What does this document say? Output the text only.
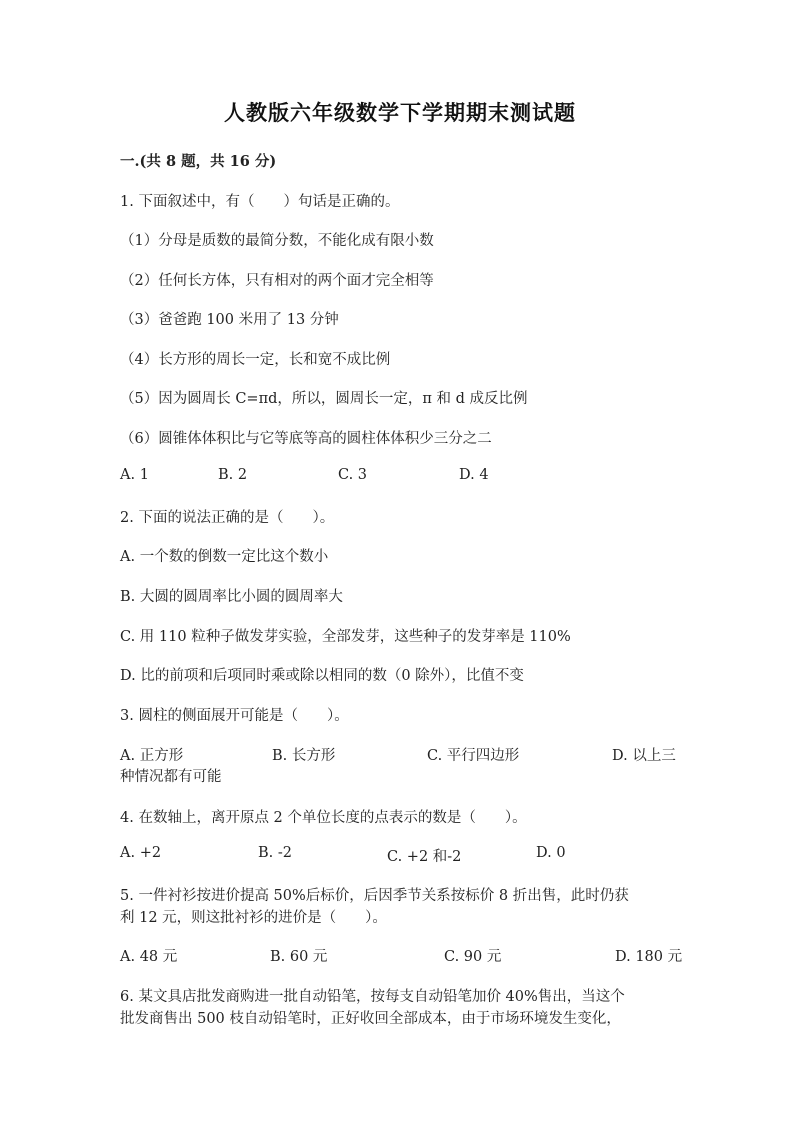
人教版六年级数学下学期期末测试题
一.(共 8 题，共 16 分)
1. 下面叙述中，有（　　）句话是正确的。
（1）分母是质数的最简分数，不能化成有限小数
（2）任何长方体，只有相对的两个面才完全相等
（3）爸爸跑 100 米用了 13 分钟
（4）长方形的周长一定，长和宽不成比例
（5）因为圆周长 C=πd，所以，圆周长一定，π 和 d 成反比例
（6）圆锥体体积比与它等底等高的圆柱体体积少三分之二
A. 1	B. 2	C. 3	D. 4
2. 下面的说法正确的是（　　）。
A. 一个数的倒数一定比这个数小
B. 大圆的圆周率比小圆的圆周率大
C. 用 110 粒种子做发芽实验，全部发芽，这些种子的发芽率是 110%
D. 比的前项和后项同时乘或除以相同的数（0 除外），比值不变
3. 圆柱的侧面展开可能是（　　）。
A. 正方形	B. 长方形	C. 平行四边形	D. 以上三
种情况都有可能
4. 在数轴上，离开原点 2 个单位长度的点表示的数是（　　）。
A. +2	B. -2	C. +2 和-2	D. 0
5. 一件衬衫按进价提高 50%后标价，后因季节关系按标价 8 折出售，此时仍获
利 12 元，则这批衬衫的进价是（　　）。
A. 48 元	B. 60 元	C. 90 元	D. 180 元
6. 某文具店批发商购进一批自动铅笔，按每支自动铅笔加价 40%售出，当这个
批发商售出 500 枝自动铅笔时，正好收回全部成本，由于市场环境发生变化，
